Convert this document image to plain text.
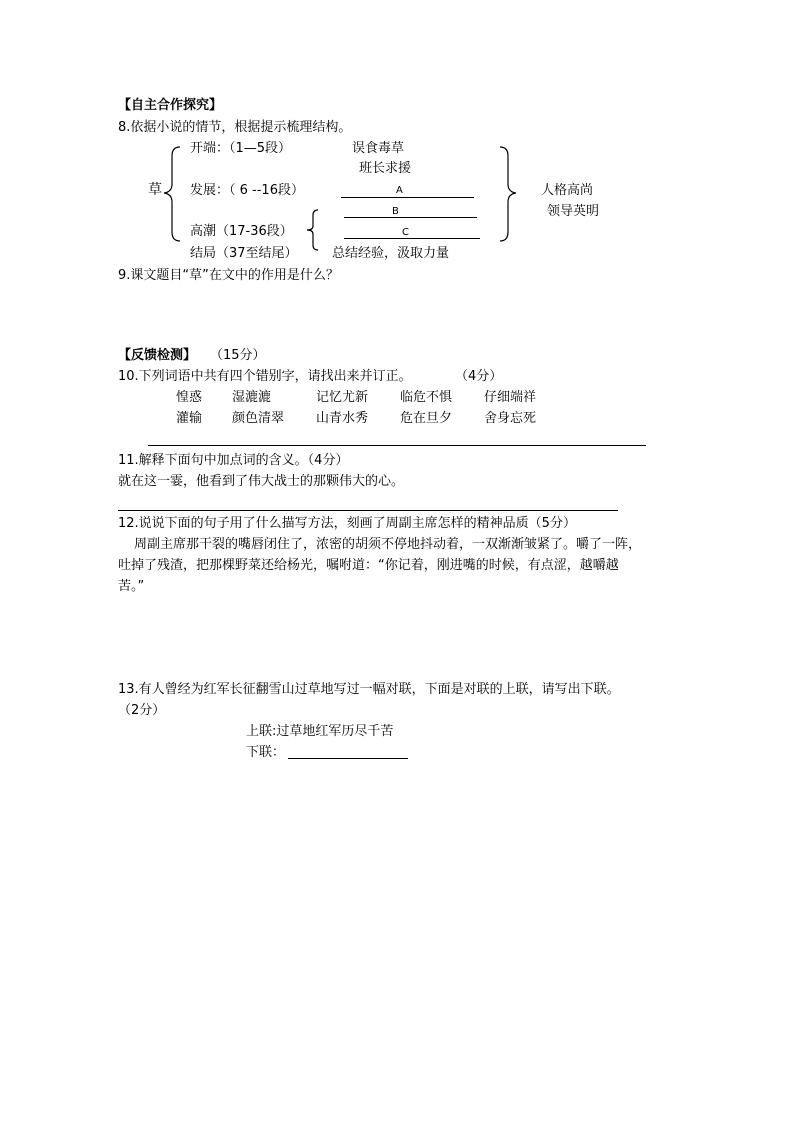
【自主合作探究】
8.依据小说的情节，根据提示梳理结构。
草
开端：（1—5段）	误食毒草
班长求援
发展：（ 6 --16段）	A
B
高潮（17-36段）	C
结局（37至结尾）	总结经验，汲取力量
人格高尚
领导英明
9.课文题目“草”在文中的作用是什么？
【反馈检测】 （15分）
10.下列词语中共有四个错别字，请找出来并订正。	（4分）
惶惑 湿漉漉	记忆尤新 临危不惧 仔细端祥
灌输 颜色清翠 山青水秀 危在旦夕 舍身忘死
11.解释下面句中加点词的含义。（4分）
就在这一霎，他看到了伟大战士的那颗伟大的心。
12.说说下面的句子用了什么描写方法，刻画了周副主席怎样的精神品质（5分）
周副主席那干裂的嘴唇闭住了，浓密的胡须不停地抖动着，一双渐渐皱紧了。嚼了一阵，
吐掉了残渣，把那棵野菜还给杨光，嘱咐道：“你记着，刚进嘴的时候，有点涩，越嚼越
苦。”
13.有人曾经为红军长征翻雪山过草地写过一幅对联，下面是对联的上联，请写出下联。
（2分）
上联:过草地红军历尽千苦
下联：
